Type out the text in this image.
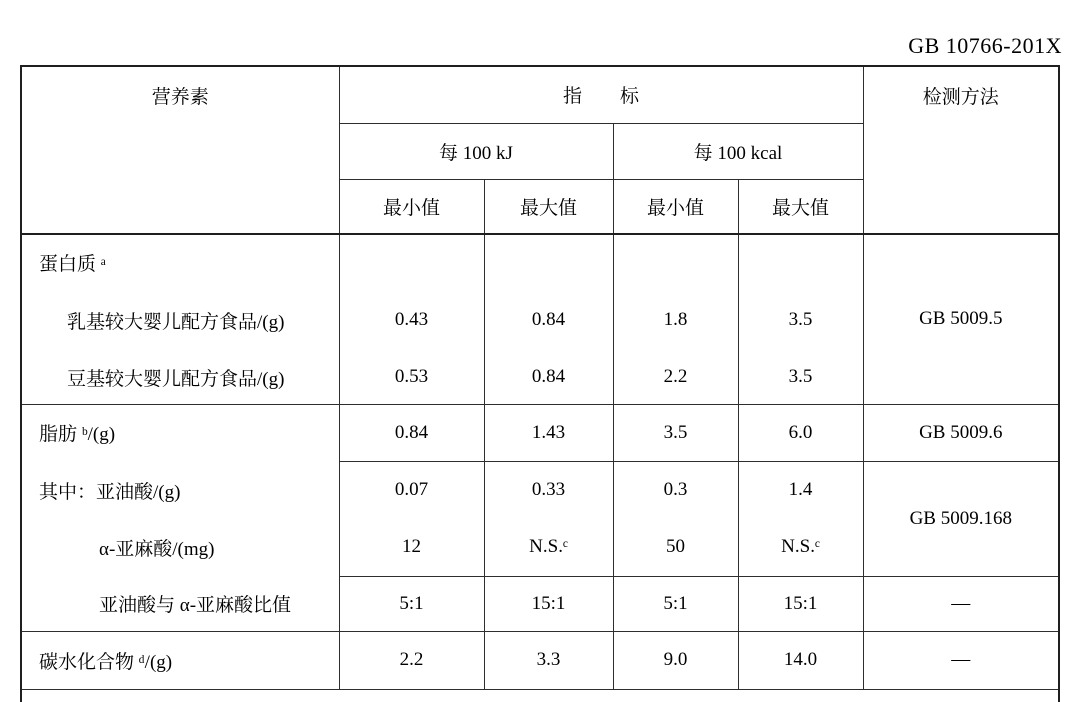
GB 10766-201X
营养素	指　　标				检测方法
	每 100 kJ		每 100 kcal		
	最小值	最大值	最小值	最大值	
蛋白质 ᵃ					GB 5009.5
乳基较大婴儿配方食品/(g)	0.43	0.84	1.8	3.5	
豆基较大婴儿配方食品/(g)	0.53	0.84	2.2	3.5	
脂肪 ᵇ/(g)	0.84	1.43	3.5	6.0	GB 5009.6
其中：亚油酸/(g)	0.07	0.33	0.3	1.4	GB 5009.168
α-亚麻酸/(mg)	12	N.S.ᶜ	50	N.S.ᶜ	
亚油酸与 α-亚麻酸比值	5:1	15:1	5:1	15:1	—
碳水化合物 ᵈ/(g)	2.2	3.3	9.0	14.0	—
